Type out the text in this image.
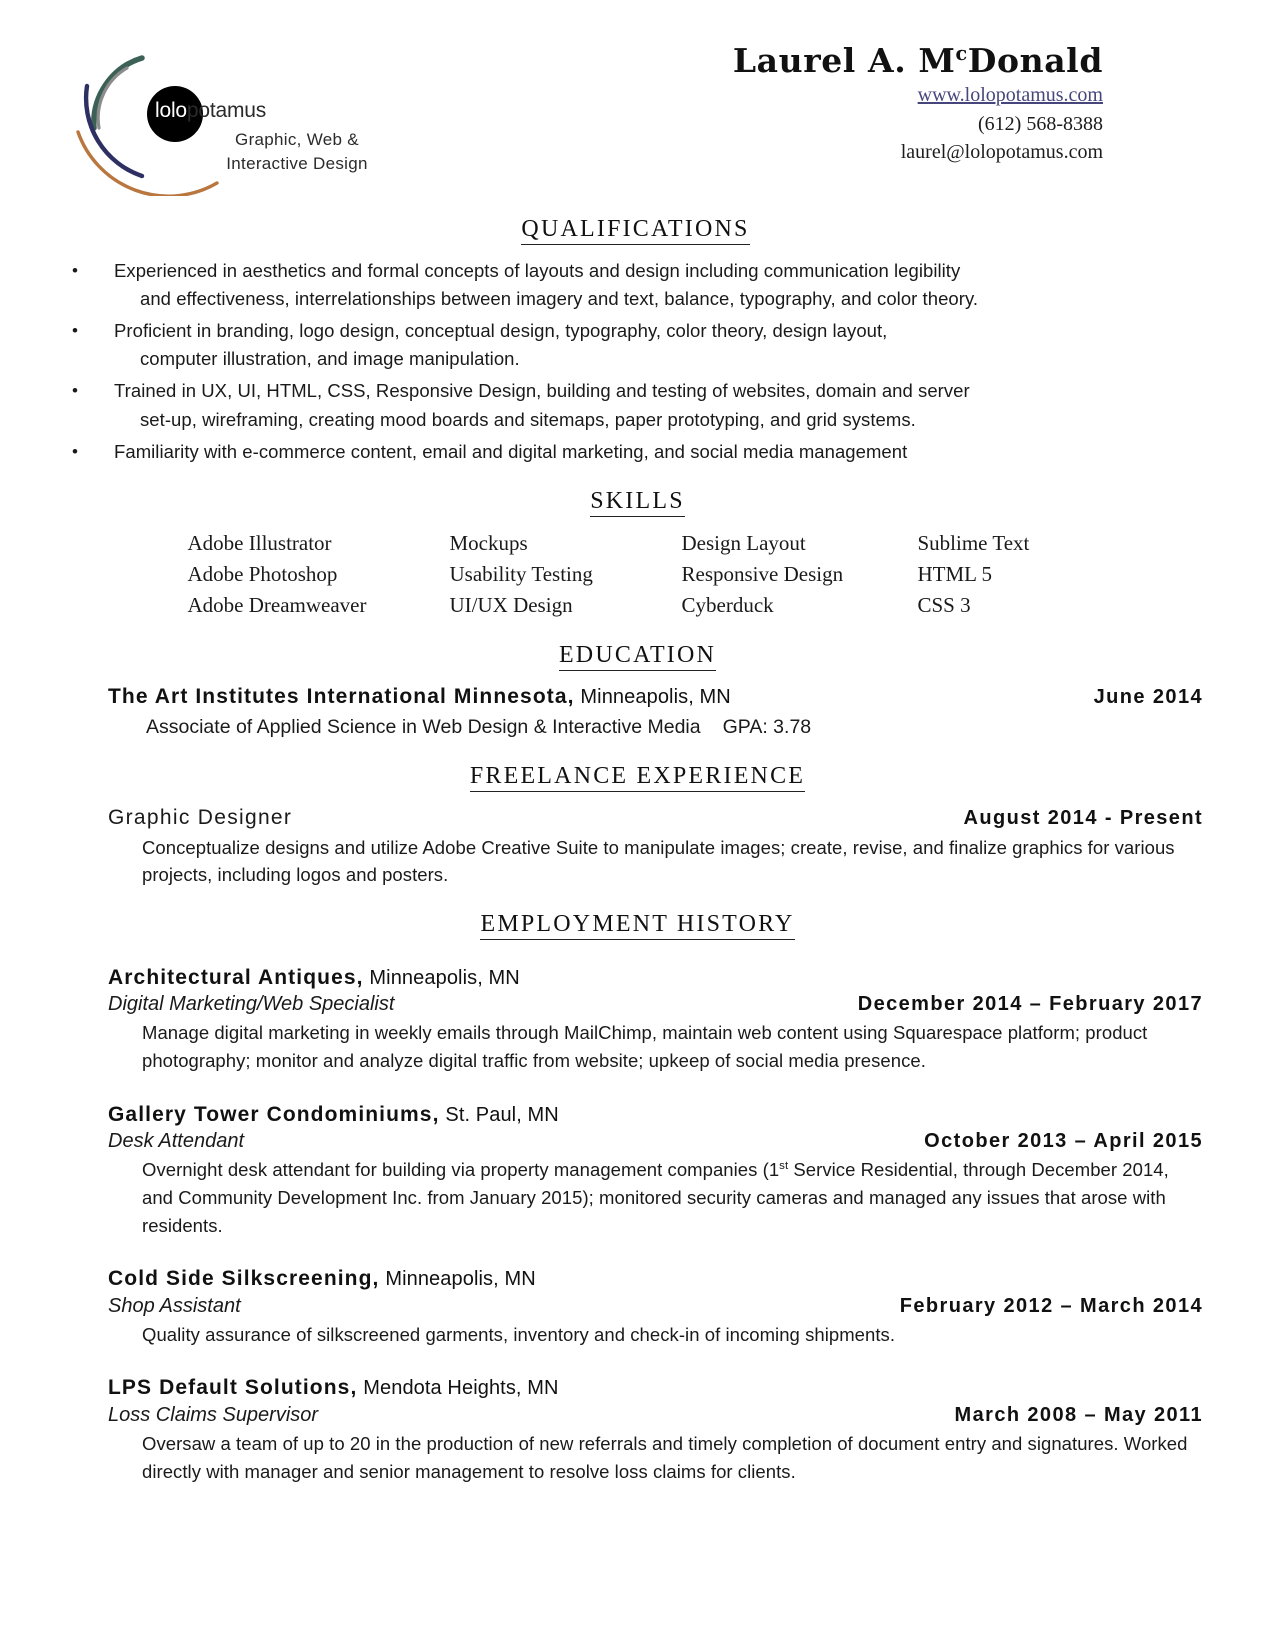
lolopotamus
Graphic, Web &
Interactive Design
Laurel A. $M^cDonald$
www.lolopotamus.com
(612) 568-8388
laurel@lolopotamus.com
QUALIFICATIONS
•	Experienced in aesthetics and formal concepts of layouts and design including communication legibility
and effectiveness, interrelationships between imagery and text, balance, typography, and color theory.
•	Proficient in branding, logo design, conceptual design, typography, color theory, design layout,
computer illustration, and image manipulation.
•	Trained in UX, UI, HTML, CSS, Responsive Design, building and testing of websites, domain and server
set-up, wireframing, creating mood boards and sitemaps, paper prototyping, and grid systems.
•	Familiarity with e-commerce content, email and digital marketing, and social media management
SKILLS
Adobe Illustrator	Mockups	Design Layout	Sublime Text
Adobe Photoshop	Usability Testing	Responsive Design	HTML 5
Adobe Dreamweaver	UI/UX Design	Cyberduck	CSS 3
EDUCATION
The Art Institutes International Minnesota, Minneapolis, MN	June 2014
Associate of Applied Science in Web Design & Interactive Media GPA: 3.78
FREELANCE EXPERIENCE
Graphic Designer	August 2014 - Present
Conceptualize designs and utilize Adobe Creative Suite to manipulate images; create, revise, and finalize graphics for various projects, including logos and posters.
EMPLOYMENT HISTORY
Architectural Antiques, Minneapolis, MN
Digital Marketing/Web Specialist	December 2014 – February 2017
Manage digital marketing in weekly emails through MailChimp, maintain web content using Squarespace platform; product photography; monitor and analyze digital traffic from website; upkeep of social media presence.
Gallery Tower Condominiums, St. Paul, MN
Desk Attendant	October 2013 – April 2015
Overnight desk attendant for building via property management companies (1st Service Residential, through December 2014, and Community Development Inc. from January 2015); monitored security cameras and managed any issues that arose with residents.
Cold Side Silkscreening, Minneapolis, MN
Shop Assistant	February 2012 – March 2014
Quality assurance of silkscreened garments, inventory and check-in of incoming shipments.
LPS Default Solutions, Mendota Heights, MN
Loss Claims Supervisor	March 2008 – May 2011
Oversaw a team of up to 20 in the production of new referrals and timely completion of document entry and signatures. Worked directly with manager and senior management to resolve loss claims for clients.
